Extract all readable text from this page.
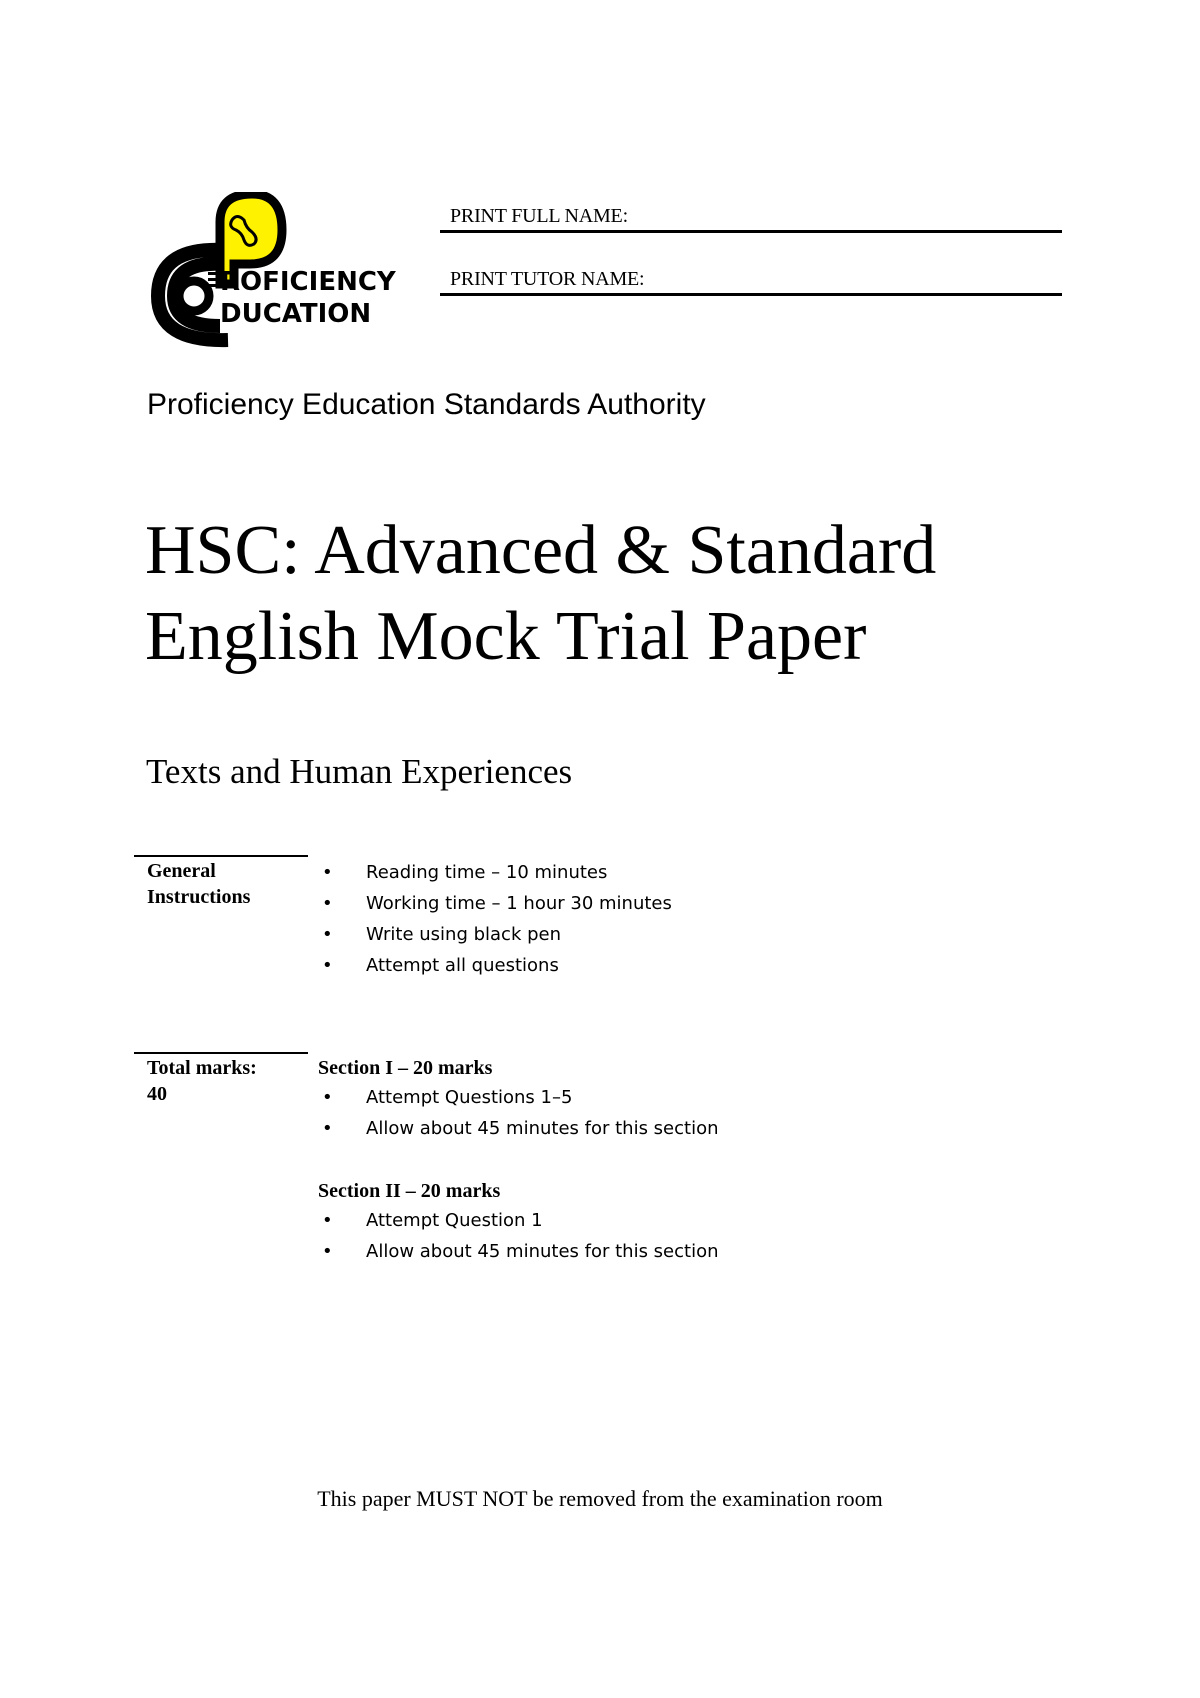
ROFICIENCY
DUCATION
PRINT FULL NAME:
PRINT TUTOR NAME:
Proficiency Education Standards Authority
HSC: Advanced & Standard
English Mock Trial Paper
Texts and Human Experiences
General
Instructions
• Reading time – 10 minutes
• Working time – 1 hour 30 minutes
• Write using black pen
• Attempt all questions
Total marks:
40
Section I – 20 marks
• Attempt Questions 1–5
• Allow about 45 minutes for this section
Section II – 20 marks
• Attempt Question 1
• Allow about 45 minutes for this section
This paper MUST NOT be removed from the examination room
